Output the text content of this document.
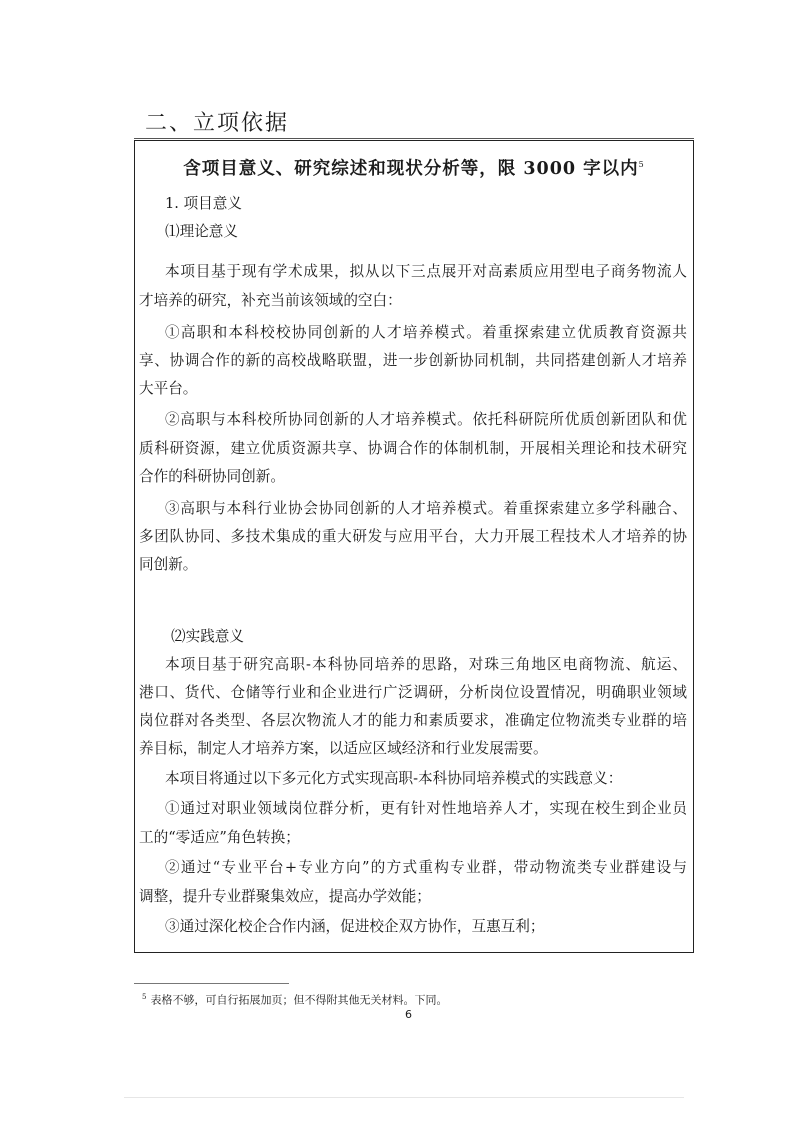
二、立项依据
含项目意义、研究综述和现状分析等，限 3000 字以内$^5$
1. 项目意义
⑴理论意义
本项目基于现有学术成果，拟从以下三点展开对高素质应用型电子商务物流人
才培养的研究，补充当前该领域的空白：
①高职和本科校校协同创新的人才培养模式。着重探索建立优质教育资源共
享、协调合作的新的高校战略联盟，进一步创新协同机制，共同搭建创新人才培养
大平台。
②高职与本科校所协同创新的人才培养模式。依托科研院所优质创新团队和优
质科研资源，建立优质资源共享、协调合作的体制机制，开展相关理论和技术研究
合作的科研协同创新。
③高职与本科行业协会协同创新的人才培养模式。着重探索建立多学科融合、
多团队协同、多技术集成的重大研发与应用平台，大力开展工程技术人才培养的协
同创新。
⑵实践意义
本项目基于研究高职-本科协同培养的思路，对珠三角地区电商物流、航运、
港口、货代、仓储等行业和企业进行广泛调研，分析岗位设置情况，明确职业领域
岗位群对各类型、各层次物流人才的能力和素质要求，准确定位物流类专业群的培
养目标，制定人才培养方案，以适应区域经济和行业发展需要。
本项目将通过以下多元化方式实现高职-本科协同培养模式的实践意义：
①通过对职业领域岗位群分析，更有针对性地培养人才，实现在校生到企业员
工的“零适应”角色转换；
②通过“专业平台+专业方向”的方式重构专业群，带动物流类专业群建设与
调整，提升专业群聚集效应，提高办学效能；
③通过深化校企合作内涵，促进校企双方协作，互惠互利；
$^5$ 表格不够，可自行拓展加页；但不得附其他无关材料。下同。
6
